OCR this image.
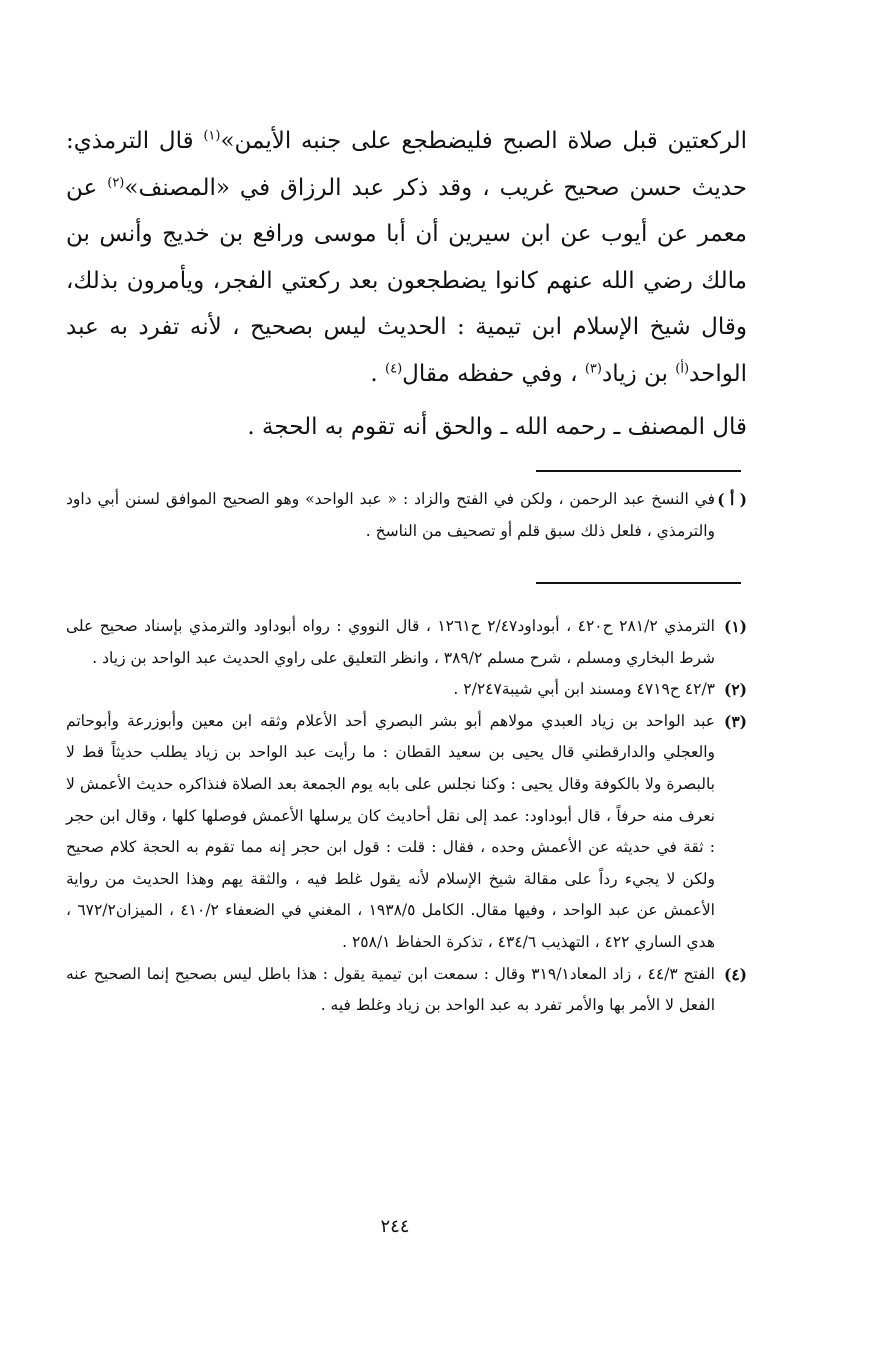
الركعتين قبل صلاة الصبح فليضطجع على جنبه الأيمن»$^{(١)}$ قال الترمذي: حديث حسن صحيح غريب ، وقد ذكر عبد الرزاق في «المصنف»$^{(٢)}$ عن معمر عن أيوب عن ابن سيرين أن أبا موسى ورافع بن خديج وأنس بن مالك رضي الله عنهم كانوا يضطجعون بعد ركعتي الفجر، ويأمرون بذلك، وقال شيخ الإسلام ابن تيمية : الحديث ليس بصحيح ، لأنه تفرد به عبد الواحد$^{(أ)}$ بن زياد$^{(٣)}$ ، وفي حفظه مقال$^{(٤)}$ .

قال المصنف ـ رحمه الله ـ والحق أنه تقوم به الحجة .

( أ )
في النسخ عبد الرحمن ، ولكن في الفتح والزاد : « عبد الواحد» وهو الصحيح الموافق لسنن أبي داود والترمذي ، فلعل ذلك سبق قلم أو تصحيف من الناسخ .

(١)
الترمذي ٢٨١/٢ ح٤٢٠ ، أبوداود٢/٤٧ ح١٢٦١ ، قال النووي : رواه أبوداود والترمذي بإسناد صحيح على شرط البخاري ومسلم ، شرح مسلم ٣٨٩/٢ ، وانظر التعليق على راوي الحديث عبد الواحد بن زياد .

(٢)
٤٢/٣ ح٤٧١٩ ومسند ابن أبي شيبة٢/٢٤٧ .

(٣)
عبد الواحد بن زياد العبدي مولاهم أبو بشر البصري أحد الأعلام وثقه ابن معين وأبوزرعة وأبوحاتم والعجلي والدارقطني قال يحيى بن سعيد القطان : ما رأيت عبد الواحد بن زياد يطلب حديثاً قط لا بالبصرة ولا بالكوفة وقال يحيى : وكنا نجلس على بابه يوم الجمعة بعد الصلاة فنذاكره حديث الأعمش لا نعرف منه حرفاً ، قال أبوداود: عمد إلى نقل أحاديث كان يرسلها الأعمش فوصلها كلها ، وقال ابن حجر : ثقة في حديثه عن الأعمش وحده ، فقال : قلت : قول ابن حجر إنه مما تقوم به الحجة كلام صحيح ولكن لا يجيء رداً على مقالة شيخ الإسلام لأنه يقول غلط فيه ، والثقة يهم وهذا الحديث من رواية الأعمش عن عبد الواحد ، وفيها مقال. الكامل ١٩٣٨/٥ ، المغني في الضعفاء ٤١٠/٢ ، الميزان٦٧٢/٢ ، هدي الساري ٤٢٢ ، التهذيب ٤٣٤/٦ ، تذكرة الحفاظ ٢٥٨/١ .

(٤)
الفتح ٤٤/٣ ، زاد المعاد٣١٩/١ وقال : سمعت ابن تيمية يقول : هذا باطل ليس بصحيح إنما الصحيح عنه الفعل لا الأمر بها والأمر تفرد به عبد الواحد بن زياد وغلط فيه .

٢٤٤
